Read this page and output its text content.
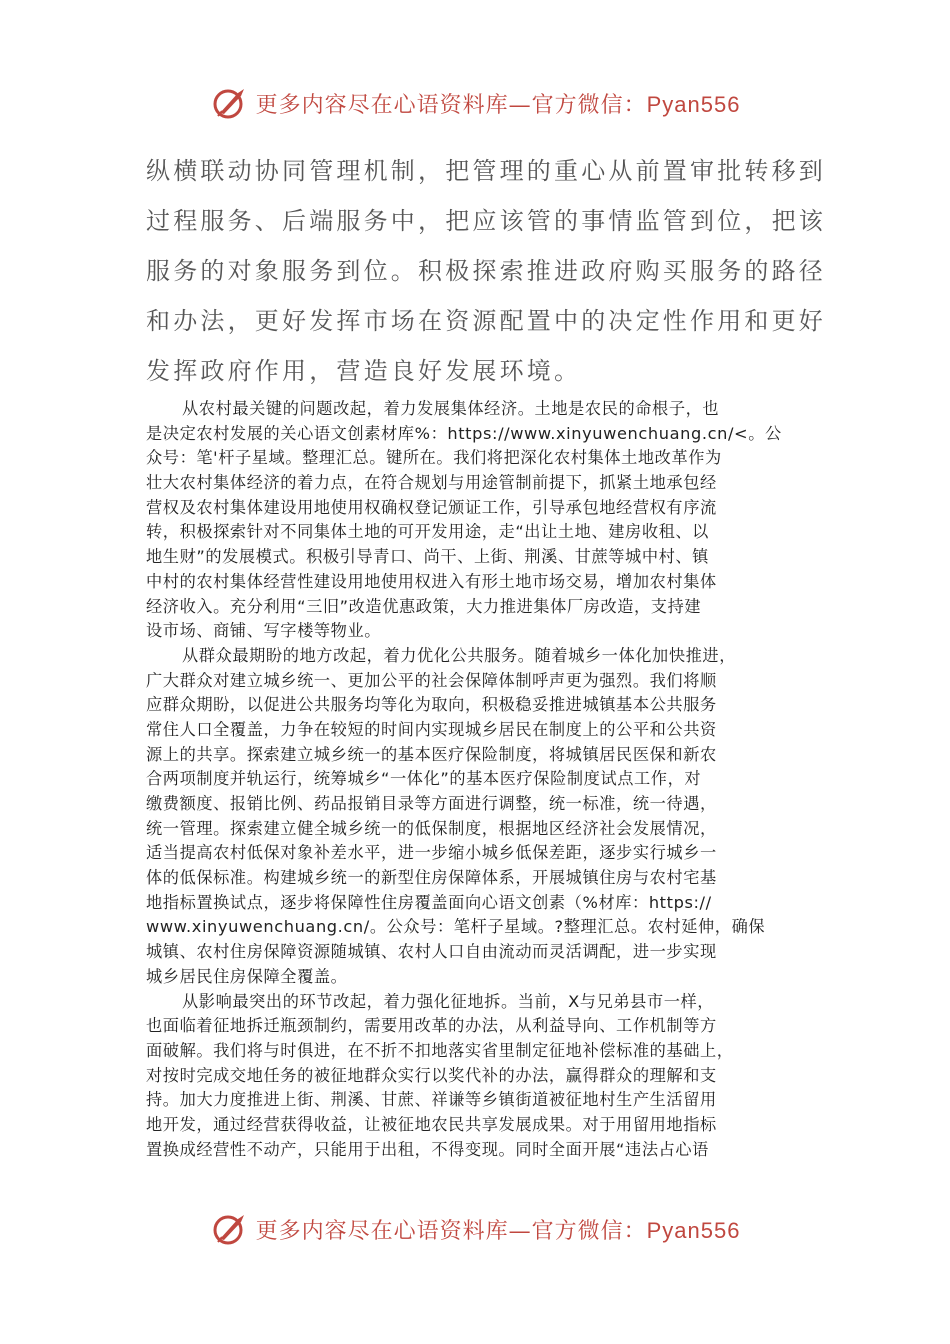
更多内容尽在心语资料库—官方微信：Pyan556
纵横联动协同管理机制，把管理的重心从前置审批转移到
过程服务、后端服务中，把应该管的事情监管到位，把该
服务的对象服务到位。积极探索推进政府购买服务的路径
和办法，更好发挥市场在资源配置中的决定性作用和更好
发挥政府作用，营造良好发展环境。
从农村最关键的问题改起，着力发展集体经济。土地是农民的命根子，也
是决定农村发展的关心语文创素材库%：https://www.xinyuwenchuang.cn/<。公
众号：笔'杆子星域。整理汇总。键所在。我们将把深化农村集体土地改革作为
壮大农村集体经济的着力点，在符合规划与用途管制前提下，抓紧土地承包经
营权及农村集体建设用地使用权确权登记颁证工作，引导承包地经营权有序流
转，积极探索针对不同集体土地的可开发用途，走“出让土地、建房收租、以
地生财”的发展模式。积极引导青口、尚干、上街、荆溪、甘蔗等城中村、镇
中村的农村集体经营性建设用地使用权进入有形土地市场交易，增加农村集体
经济收入。充分利用“三旧”改造优惠政策，大力推进集体厂房改造，支持建
设市场、商铺、写字楼等物业。
从群众最期盼的地方改起，着力优化公共服务。随着城乡一体化加快推进，
广大群众对建立城乡统一、更加公平的社会保障体制呼声更为强烈。我们将顺
应群众期盼，以促进公共服务均等化为取向，积极稳妥推进城镇基本公共服务
常住人口全覆盖，力争在较短的时间内实现城乡居民在制度上的公平和公共资
源上的共享。探索建立城乡统一的基本医疗保险制度，将城镇居民医保和新农
合两项制度并轨运行，统筹城乡“一体化”的基本医疗保险制度试点工作，对
缴费额度、报销比例、药品报销目录等方面进行调整，统一标准，统一待遇，
统一管理。探索建立健全城乡统一的低保制度，根据地区经济社会发展情况，
适当提高农村低保对象补差水平，进一步缩小城乡低保差距，逐步实行城乡一
体的低保标准。构建城乡统一的新型住房保障体系，开展城镇住房与农村宅基
地指标置换试点，逐步将保障性住房覆盖面向心语文创素（%材库：https://
www.xinyuwenchuang.cn/。公众号：笔杆子星域。?整理汇总。农村延伸，确保
城镇、农村住房保障资源随城镇、农村人口自由流动而灵活调配，进一步实现
城乡居民住房保障全覆盖。
从影响最突出的环节改起，着力强化征地拆。当前，X与兄弟县市一样，
也面临着征地拆迁瓶颈制约，需要用改革的办法，从利益导向、工作机制等方
面破解。我们将与时俱进，在不折不扣地落实省里制定征地补偿标准的基础上，
对按时完成交地任务的被征地群众实行以奖代补的办法，赢得群众的理解和支
持。加大力度推进上街、荆溪、甘蔗、祥谦等乡镇街道被征地村生产生活留用
地开发，通过经营获得收益，让被征地农民共享发展成果。对于用留用地指标
置换成经营性不动产，只能用于出租，不得变现。同时全面开展“违法占心语
更多内容尽在心语资料库—官方微信：Pyan556
